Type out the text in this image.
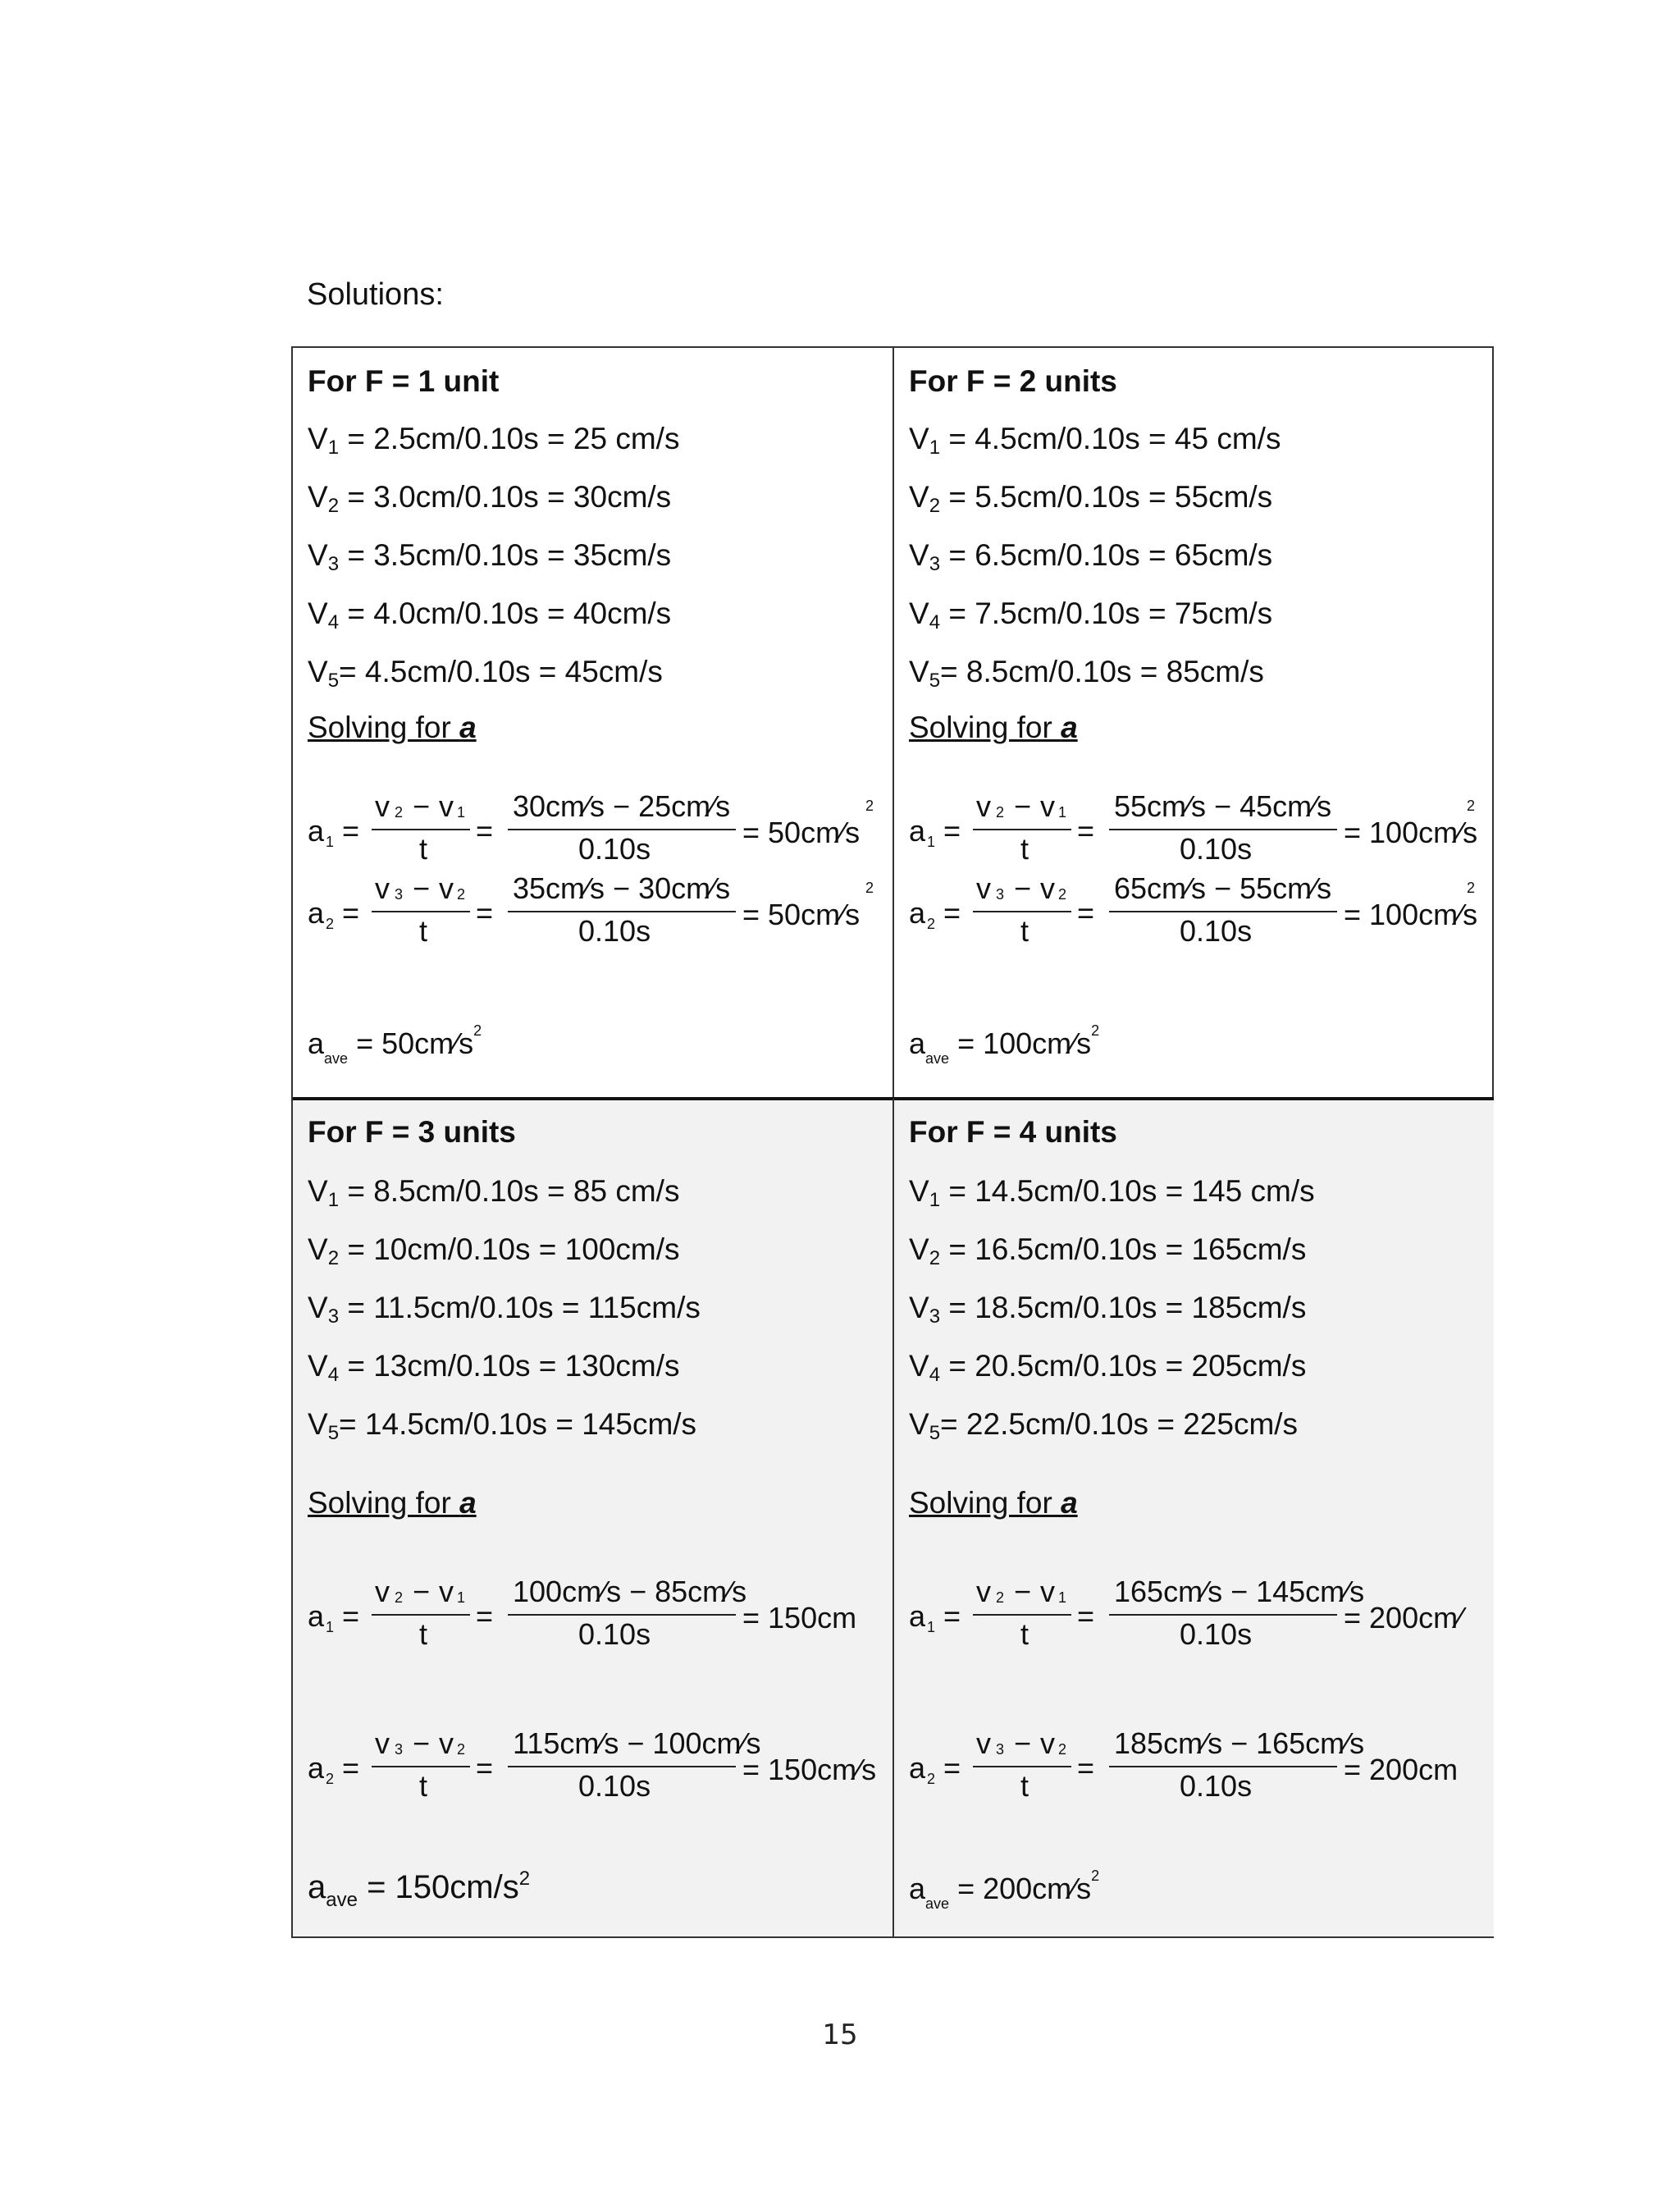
Solutions:
For F = 1 unit
$V_1 = 2.5cm/0.10s = 25$ cm/s
$V_2 = 3.0cm/0.10s = 30cm/s$
$V_3 = 3.5cm/0.10s = 35cm/s$
$V_4 = 4.0cm/0.10s = 40cm/s$
$V_5= 4.5cm/0.10s = 45cm/s$
Solving for a
=	=
a 1
v 2 − v 1
t
30cm⁄s − 25cm⁄s
0.10s	= 50cm⁄s
2
=	=
a 2
v 3 − v 2
t
35cm⁄s − 30cm⁄s
0.10s	= 50cm⁄s
2
$a_{ave}$ = $50cm⁄s^2$
For F = 2 units
$V_1 = 4.5cm/0.10s = 45$ cm/s
$V_2 = 5.5cm/0.10s = 55cm/s$
$V_3 = 6.5cm/0.10s = 65cm/s$
$V_4 = 7.5cm/0.10s = 75cm/s$
$V_5= 8.5cm/0.10s = 85cm/s$
Solving for a
=	=
a 1
v 2 − v 1
t
55cm⁄s − 45cm⁄s
0.10s	= 100cm⁄s
2
=	=
a 2
v 3 − v 2
t
65cm⁄s − 55cm⁄s
0.10s	= 100cm⁄s
2
$a_{ave}$ = $100cm⁄s^2$
For F = 3 units
$V_1 = 8.5cm/0.10s = 85$ cm/s
$V_2 = 10cm/0.10s = 100cm/s$
$V_3 = 11.5cm/0.10s = 115cm/s$
$V_4 = 13cm/0.10s = 130cm/s$
$V_5= 14.5cm/0.10s = 145cm/s$
Solving for a
=	=
a 1
v 2 − v 1
t
100cm⁄s − 85cm⁄s
0.10s	= 150cm
=	=
a 2
v 3 − v 2
t
115cm⁄s − 100cm⁄s
0.10s	= 150cm⁄s
$a_{ave} = 150cm/s^2$
For F = 4 units
$V_1 = 14.5cm/0.10s = 145$ cm/s
$V_2 = 16.5cm/0.10s = 165cm/s$
$V_3 = 18.5cm/0.10s = 185cm/s$
$V_4 = 20.5cm/0.10s = 205cm/s$
$V_5= 22.5cm/0.10s = 225cm/s$
Solving for a
=	=
a 1
v 2 − v 1
t
165cm⁄s − 145cm⁄s
0.10s	= 200cm⁄
=	=
a 2
v 3 − v 2
t
185cm⁄s − 165cm⁄s
0.10s	= 200cm
$a_{ave}$ = $200cm⁄s^2$
15
